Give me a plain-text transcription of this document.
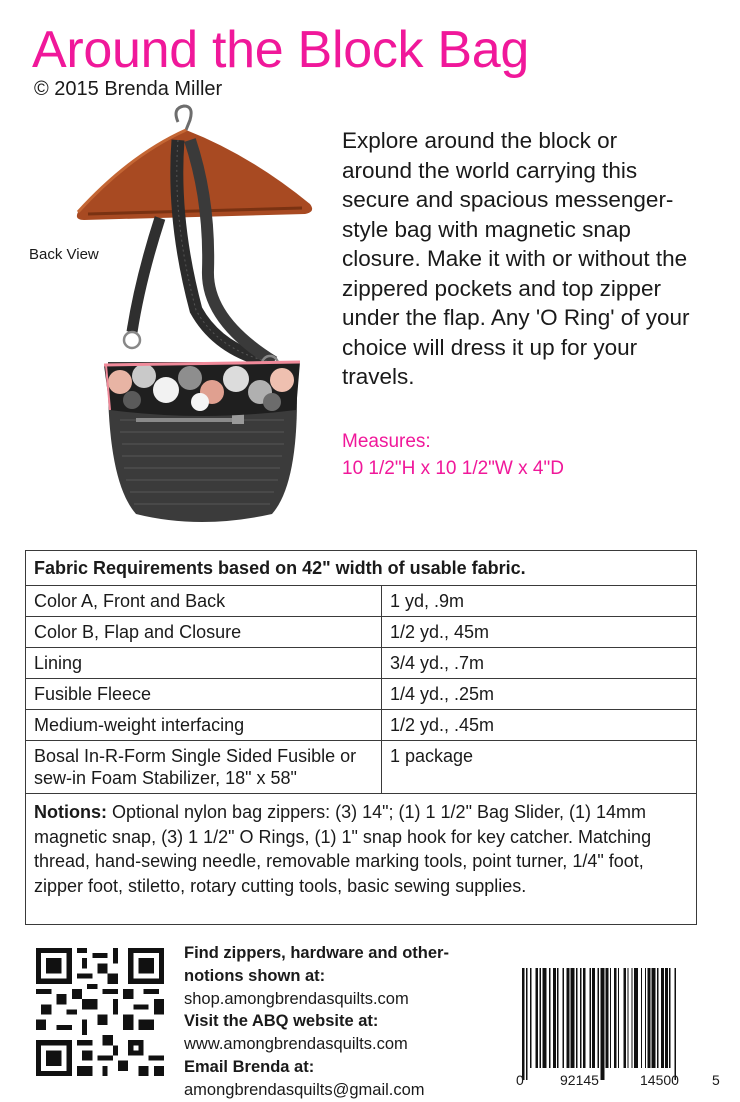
Around the Block Bag
© 2015 Brenda Miller
Back View
Explore around the block or around the world carrying this secure and spacious messenger-style bag with magnetic snap closure. Make it with or without the zippered pockets and top zipper under the flap. Any 'O Ring' of your choice will dress it up for your travels.
Measures:
10 1/2"H x 10 1/2"W x 4"D
Fabric Requirements based on 42" width of usable fabric.	
Color A, Front and Back	1 yd, .9m
Color B, Flap and Closure	1/2 yd., 45m
Lining	3/4 yd., .7m
Fusible Fleece	1/4 yd., .25m
Medium-weight interfacing	1/2 yd., .45m
Bosal In-R-Form Single Sided Fusible or sew-in Foam Stabilizer, 18" x 58"	1 package
Notions: Optional nylon bag zippers: (3) 14"; (1) 1 1/2" Bag Slider, (1) 14mm magnetic snap, (3) 1 1/2" O Rings, (1) 1" snap hook for key catcher. Matching thread, hand-sewing needle, removable marking tools, point turner, 1/4" foot, zipper foot, stiletto, rotary cutting tools, basic sewing supplies.	
Find zippers, hardware and other-notions shown at:
shop.amongbrendasquilts.com
Visit the ABQ website at:
www.amongbrendasquilts.com
Email Brenda at:
amongbrendasquilts@gmail.com
0	92145	14500 5
